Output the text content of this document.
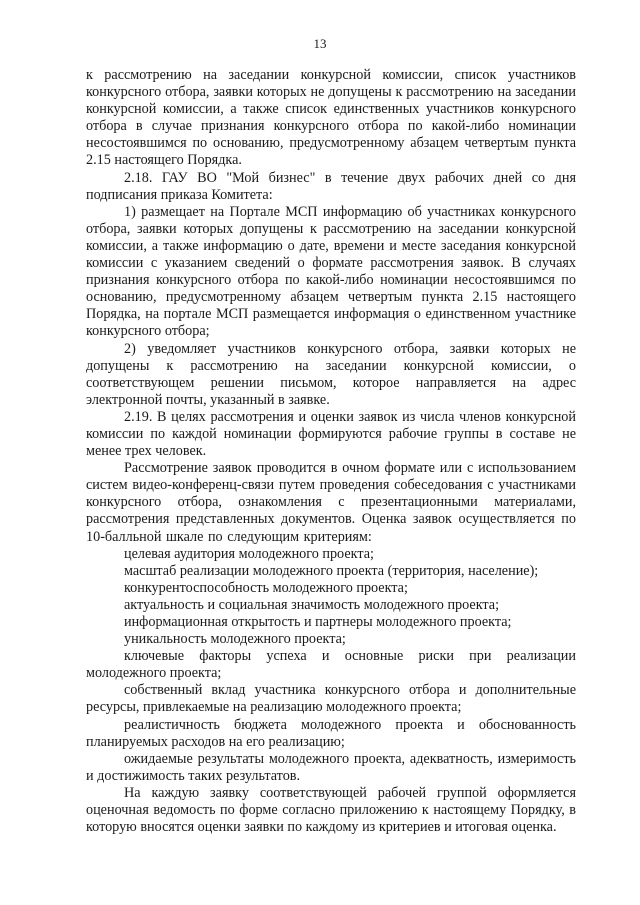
13

к рассмотрению на заседании конкурсной комиссии, список участников конкурсного отбора, заявки которых не допущены к рассмотрению на заседании конкурсной комиссии, а также список единственных участников конкурсного отбора в случае признания конкурсного отбора по какой-либо номинации несостоявшимся по основанию, предусмотренному абзацем четвертым пункта 2.15 настоящего Порядка.

2.18. ГАУ ВО "Мой бизнес" в течение двух рабочих дней со дня подписания приказа Комитета:

1) размещает на Портале МСП информацию об участниках конкурсного отбора, заявки которых допущены к рассмотрению на заседании конкурсной комиссии, а также информацию о дате, времени и месте заседания конкурсной комиссии с указанием сведений о формате рассмотрения заявок. В случаях признания конкурсного отбора по какой-либо номинации несостоявшимся по основанию, предусмотренному абзацем четвертым пункта 2.15 настоящего Порядка, на портале МСП размещается информация о единственном участнике конкурсного отбора;

2) уведомляет участников конкурсного отбора, заявки которых не допущены к рассмотрению на заседании конкурсной комиссии, о соответствующем решении письмом, которое направляется на адрес электронной почты, указанный в заявке.

2.19. В целях рассмотрения и оценки заявок из числа членов конкурсной комиссии по каждой номинации формируются рабочие группы в составе не менее трех человек.

Рассмотрение заявок проводится в очном формате или с использованием систем видео-конференц-связи путем проведения собеседования с участниками конкурсного отбора, ознакомления с презентационными материалами, рассмотрения представленных документов. Оценка заявок осуществляется по 10-балльной шкале по следующим критериям:

целевая аудитория молодежного проекта;

масштаб реализации молодежного проекта (территория, население);

конкурентоспособность молодежного проекта;

актуальность и социальная значимость молодежного проекта;

информационная открытость и партнеры молодежного проекта;

уникальность молодежного проекта;

ключевые факторы успеха и основные риски при реализации молодежного проекта;

собственный вклад участника конкурсного отбора и дополнительные ресурсы, привлекаемые на реализацию молодежного проекта;

реалистичность бюджета молодежного проекта и обоснованность планируемых расходов на его реализацию;

ожидаемые результаты молодежного проекта, адекватность, измеримость и достижимость таких результатов.

На каждую заявку соответствующей рабочей группой оформляется оценочная ведомость по форме согласно приложению к настоящему Порядку, в которую вносятся оценки заявки по каждому из критериев и итоговая оценка.
